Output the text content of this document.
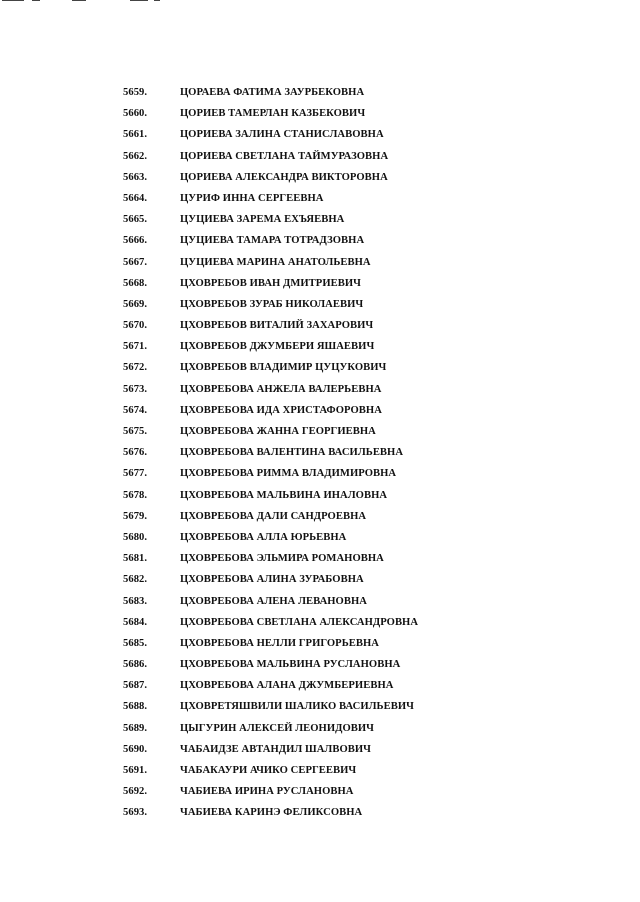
5659.	ЦОРАЕВА ФАТИМА ЗАУРБЕКОВНА
5660.	ЦОРИЕВ ТАМЕРЛАН КАЗБЕКОВИЧ
5661.	ЦОРИЕВА ЗАЛИНА СТАНИСЛАВОВНА
5662.	ЦОРИЕВА СВЕТЛАНА ТАЙМУРАЗОВНА
5663.	ЦОРИЕВА АЛЕКСАНДРА ВИКТОРОВНА
5664.	ЦУРИФ ИННА СЕРГЕЕВНА
5665.	ЦУЦИЕВА ЗАРЕМА ЕХЪЯЕВНА
5666.	ЦУЦИЕВА ТАМАРА ТОТРАДЗОВНА
5667.	ЦУЦИЕВА МАРИНА АНАТОЛЬЕВНА
5668.	ЦХОВРЕБОВ ИВАН ДМИТРИЕВИЧ
5669.	ЦХОВРЕБОВ ЗУРАБ НИКОЛАЕВИЧ
5670.	ЦХОВРЕБОВ ВИТАЛИЙ ЗАХАРОВИЧ
5671.	ЦХОВРЕБОВ ДЖУМБЕРИ ЯШАЕВИЧ
5672.	ЦХОВРЕБОВ ВЛАДИМИР ЦУЦУКОВИЧ
5673.	ЦХОВРЕБОВА АНЖЕЛА ВАЛЕРЬЕВНА
5674.	ЦХОВРЕБОВА ИДА ХРИСТАФОРОВНА
5675.	ЦХОВРЕБОВА ЖАННА ГЕОРГИЕВНА
5676.	ЦХОВРЕБОВА ВАЛЕНТИНА ВАСИЛЬЕВНА
5677.	ЦХОВРЕБОВА РИММА ВЛАДИМИРОВНА
5678.	ЦХОВРЕБОВА МАЛЬВИНА ИНАЛОВНА
5679.	ЦХОВРЕБОВА ДАЛИ САНДРОЕВНА
5680.	ЦХОВРЕБОВА АЛЛА ЮРЬЕВНА
5681.	ЦХОВРЕБОВА ЭЛЬМИРА РОМАНОВНА
5682.	ЦХОВРЕБОВА АЛИНА ЗУРАБОВНА
5683.	ЦХОВРЕБОВА АЛЕНА ЛЕВАНОВНА
5684.	ЦХОВРЕБОВА СВЕТЛАНА АЛЕКСАНДРОВНА
5685.	ЦХОВРЕБОВА НЕЛЛИ ГРИГОРЬЕВНА
5686.	ЦХОВРЕБОВА МАЛЬВИНА РУСЛАНОВНА
5687.	ЦХОВРЕБОВА АЛАНА ДЖУМБЕРИЕВНА
5688.	ЦХОВРЕТЯШВИЛИ ШАЛИКО ВАСИЛЬЕВИЧ
5689.	ЦЫГУРИН АЛЕКСЕЙ ЛЕОНИДОВИЧ
5690.	ЧАБАИДЗЕ АВТАНДИЛ ШАЛВОВИЧ
5691.	ЧАБАКАУРИ АЧИКО СЕРГЕЕВИЧ
5692.	ЧАБИЕВА ИРИНА РУСЛАНОВНА
5693.	ЧАБИЕВА КАРИНЭ ФЕЛИКСОВНА
